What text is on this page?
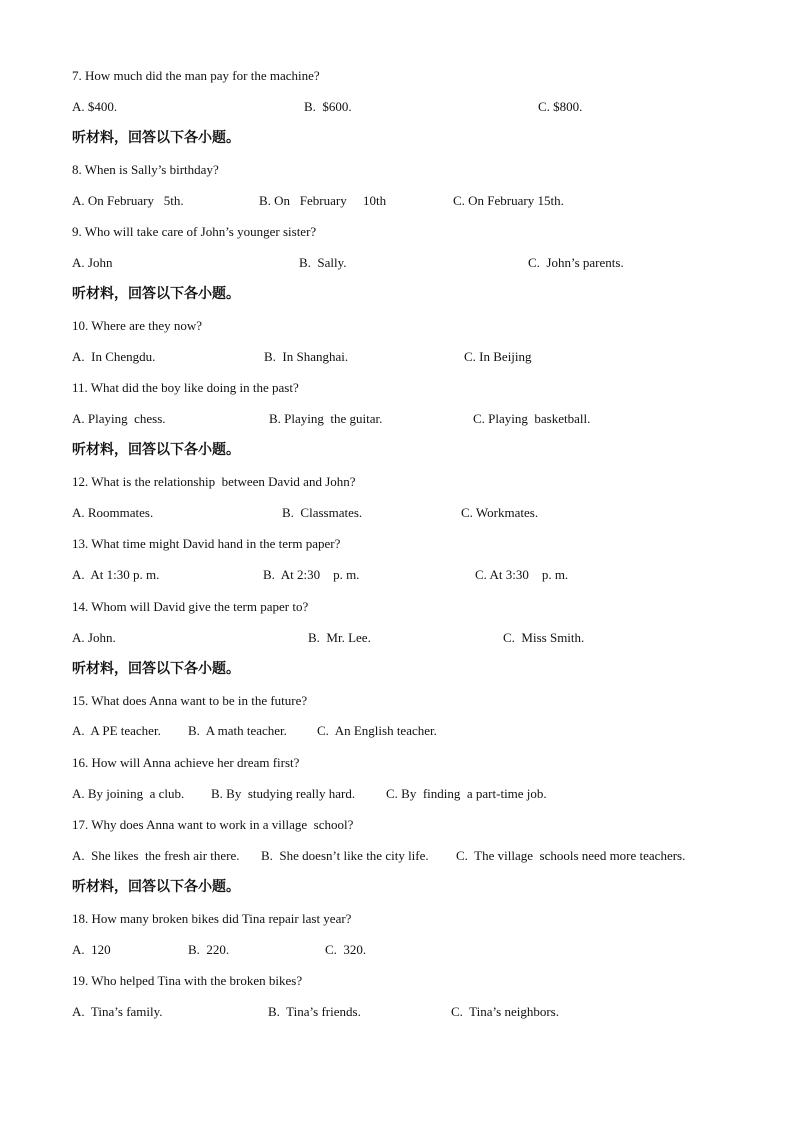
7. How much did the man pay for the machine?
A. $400.	B.  $600.	C. $800.
听材料，回答以下各小题。
8. When is Sally’s birthday?
A. On February   5th.	B. On   February     10th	C. On February 15th.
9. Who will take care of John’s younger sister?
A. John	B.  Sally.	C.  John’s parents.
听材料，回答以下各小题。
10. Where are they now?
A.  In Chengdu.	B.  In Shanghai.	C. In Beijing
11. What did the boy like doing in the past?
A. Playing  chess.	B. Playing  the guitar.	C. Playing  basketball.
听材料，回答以下各小题。
12. What is the relationship  between David and John?
A. Roommates.	B.  Classmates.	C. Workmates.
13. What time might David hand in the term paper?
A.  At 1:30 p. m.	B.  At 2:30    p. m.	C. At 3:30    p. m.
14. Whom will David give the term paper to?
A. John.	B.  Mr. Lee.	C.  Miss Smith.
听材料，回答以下各小题。
15. What does Anna want to be in the future?
A.  A PE teacher. B.  A math teacher. C.  An English teacher.
16. How will Anna achieve her dream first?
A. By joining  a club. B. By  studying really hard. C. By  finding  a part-time job.
17. Why does Anna want to work in a village  school?
A.  She likes  the fresh air there. B.  She doesn’t like the city life. C.  The village  schools need more teachers.
听材料，回答以下各小题。
18. How many broken bikes did Tina repair last year?
A.  120	B.  220.	C.  320.
19. Who helped Tina with the broken bikes?
A.  Tina’s family.	B.  Tina’s friends.	C.  Tina’s neighbors.
